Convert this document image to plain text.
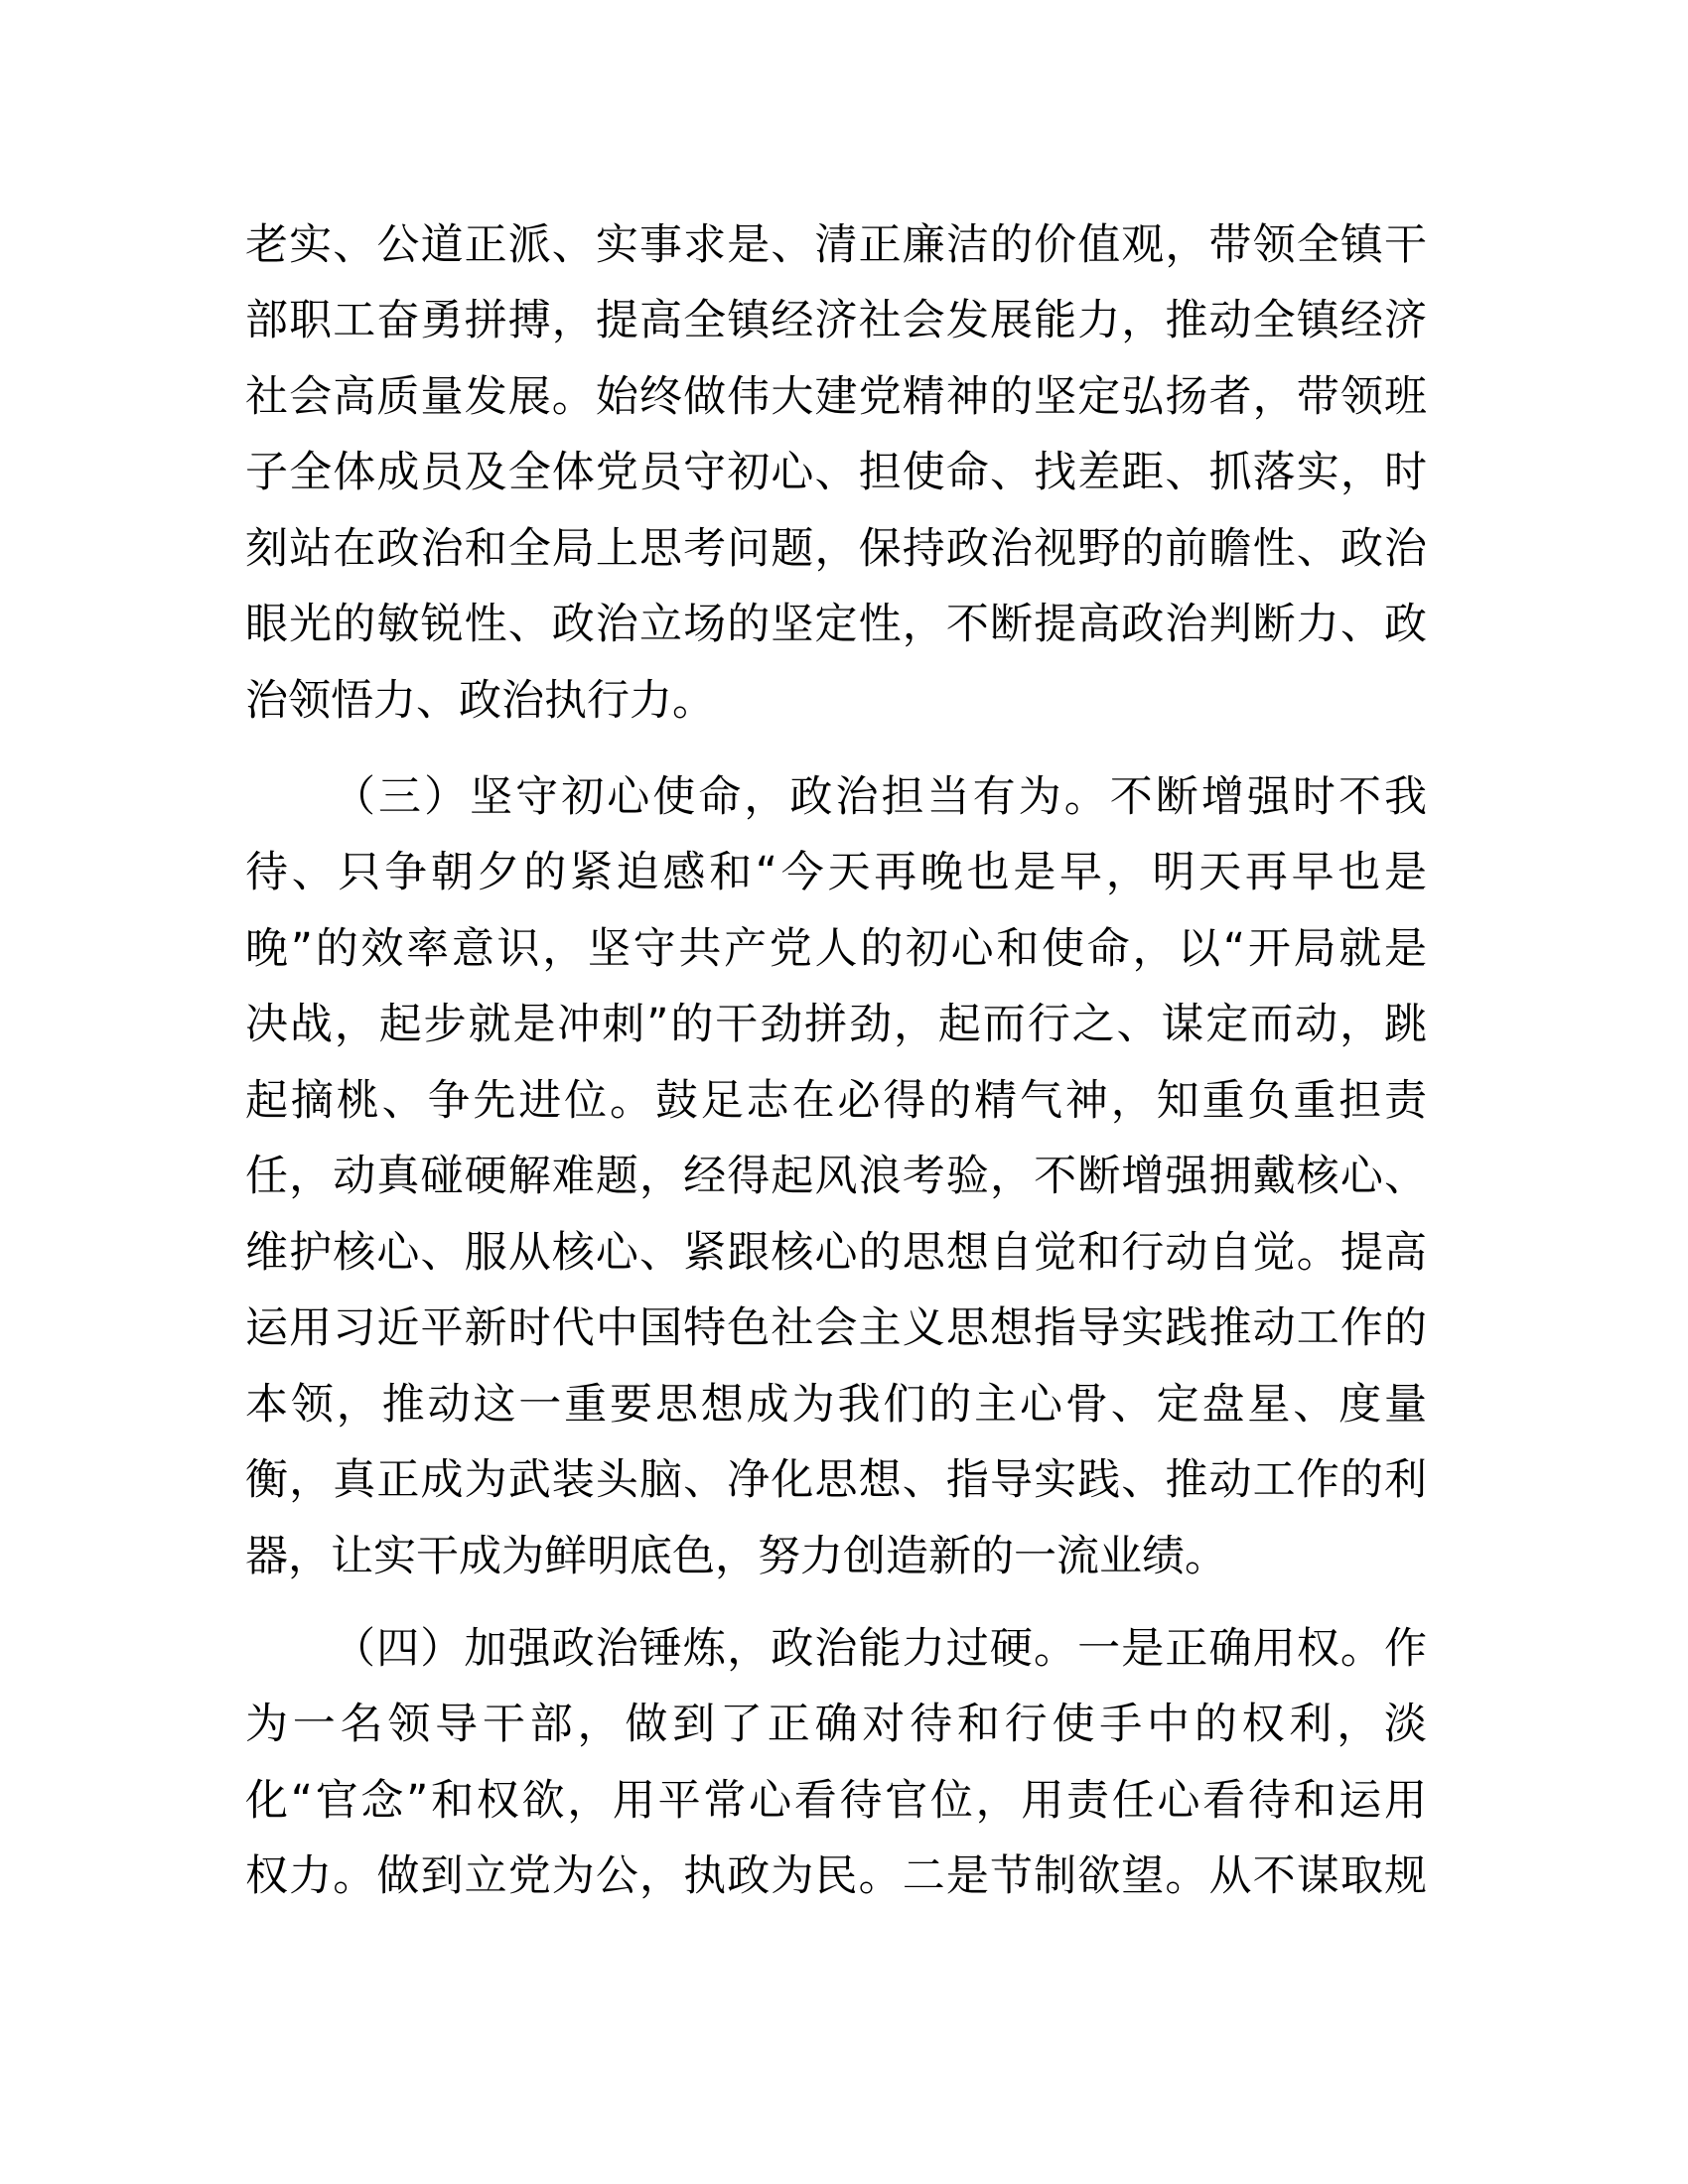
老实、公道正派、实事求是、清正廉洁的价值观，带领全镇干
部职工奋勇拼搏，提高全镇经济社会发展能力，推动全镇经济
社会高质量发展。始终做伟大建党精神的坚定弘扬者，带领班
子全体成员及全体党员守初心、担使命、找差距、抓落实，时
刻站在政治和全局上思考问题，保持政治视野的前瞻性、政治
眼光的敏锐性、政治立场的坚定性，不断提高政治判断力、政
治领悟力、政治执行力。
（三）坚守初心使命，政治担当有为。不断增强时不我
待、只争朝夕的紧迫感和“今天再晚也是早，明天再早也是
晚”的效率意识，坚守共产党人的初心和使命，以“开局就是
决战，起步就是冲刺”的干劲拼劲，起而行之、谋定而动，跳
起摘桃、争先进位。鼓足志在必得的精气神，知重负重担责
任，动真碰硬解难题，经得起风浪考验，不断增强拥戴核心、
维护核心、服从核心、紧跟核心的思想自觉和行动自觉。提高
运用习近平新时代中国特色社会主义思想指导实践推动工作的
本领，推动这一重要思想成为我们的主心骨、定盘星、度量
衡，真正成为武装头脑、净化思想、指导实践、推动工作的利
器，让实干成为鲜明底色，努力创造新的一流业绩。
（四）加强政治锤炼，政治能力过硬。一是正确用权。作
为一名领导干部，做到了正确对待和行使手中的权利，淡
化“官念”和权欲，用平常心看待官位，用责任心看待和运用
权力。做到立党为公，执政为民。二是节制欲望。从不谋取规
